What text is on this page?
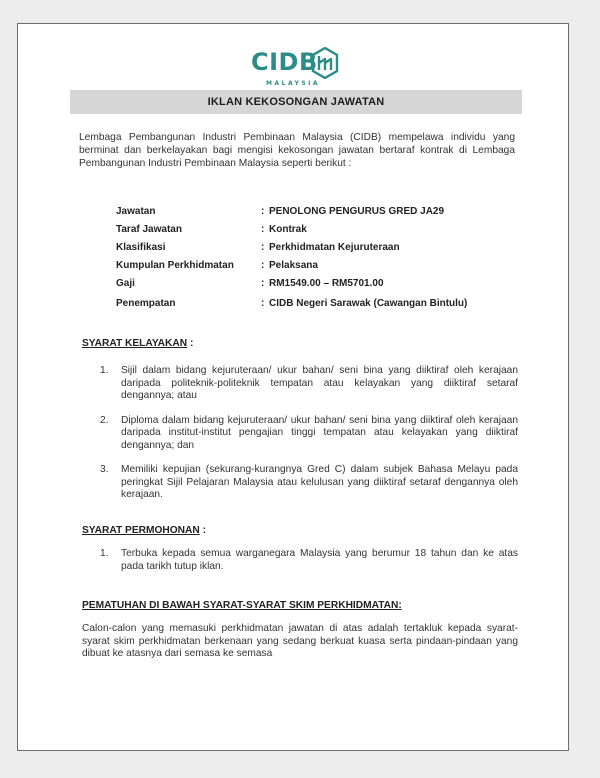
CIDB
MALAYSIA
IKLAN KEKOSONGAN JAWATAN
Lembaga Pembangunan Industri Pembinaan Malaysia (CIDB) mempelawa individu yang berminat dan berkelayakan bagi mengisi kekosongan jawatan bertaraf kontrak di Lembaga Pembangunan Industri Pembinaan Malaysia seperti berikut :
Jawatan	:	PENOLONG PENGURUS GRED JA29
Taraf Jawatan	:	Kontrak
Klasifikasi	:	Perkhidmatan Kejuruteraan
Kumpulan Perkhidmatan	:	Pelaksana
Gaji	:	RM1549.00 – RM5701.00
Penempatan	:	CIDB Negeri Sarawak (Cawangan Bintulu)
SYARAT KELAYAKAN :
1. Sijil dalam bidang kejuruteraan/ ukur bahan/ seni bina yang diiktiraf oleh kerajaan daripada politeknik-politeknik tempatan atau kelayakan yang diiktiraf setaraf dengannya; atau
2. Diploma dalam bidang kejuruteraan/ ukur bahan/ seni bina yang diiktiraf oleh kerajaan daripada institut-institut pengajian tinggi tempatan atau kelayakan yang diiktiraf dengannya; dan
3. Memiliki kepujian (sekurang-kurangnya Gred C) dalam subjek Bahasa Melayu pada peringkat Sijil Pelajaran Malaysia atau kelulusan yang diiktiraf setaraf dengannya oleh kerajaan.
SYARAT PERMOHONAN :
1. Terbuka kepada semua warganegara Malaysia yang berumur 18 tahun dan ke atas pada tarikh tutup iklan.
PEMATUHAN DI BAWAH SYARAT-SYARAT SKIM PERKHIDMATAN:
Calon-calon yang memasuki perkhidmatan jawatan di atas adalah tertakluk kepada syarat- syarat skim perkhidmatan berkenaan yang sedang berkuat kuasa serta pindaan-pindaan yang dibuat ke atasnya dari semasa ke semasa
